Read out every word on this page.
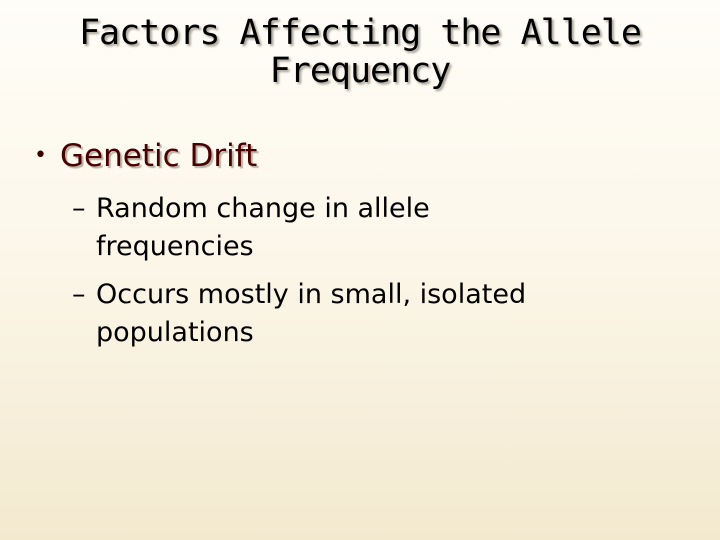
Factors Affecting the Allele
Frequency
• Genetic Drift
– Random change in allele
frequencies
– Occurs mostly in small, isolated
populations
